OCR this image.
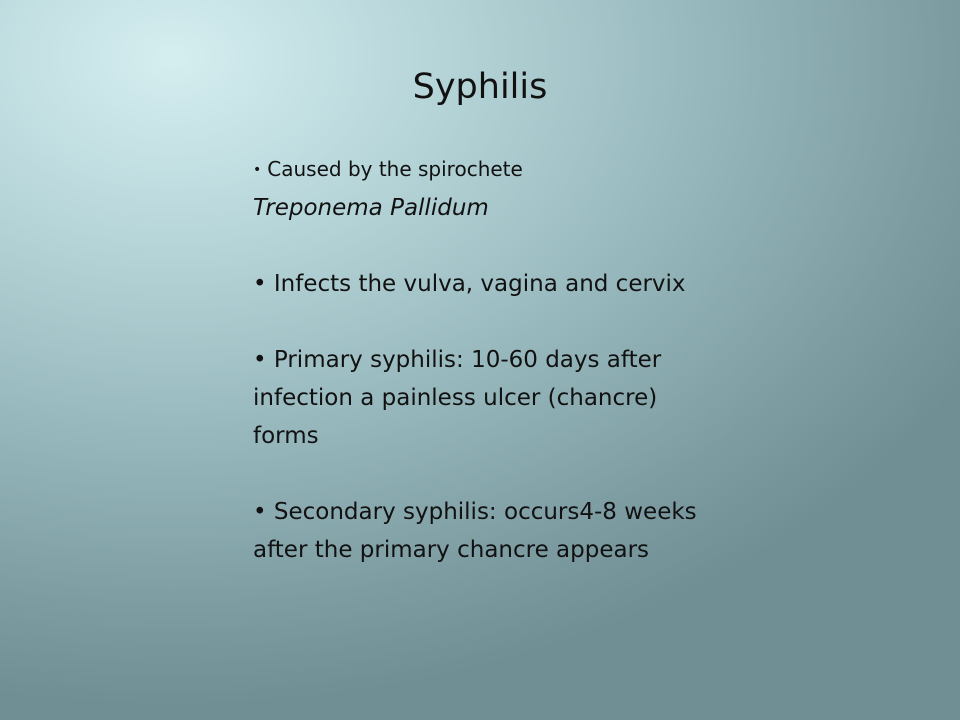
Syphilis

• Caused by the spirochete
Treponema Pallidum

• Infects the vulva, vagina and cervix

• Primary syphilis: 10-60 days after infection a painless ulcer (chancre) forms

• Secondary syphilis: occurs4-8 weeks after the primary chancre appears
